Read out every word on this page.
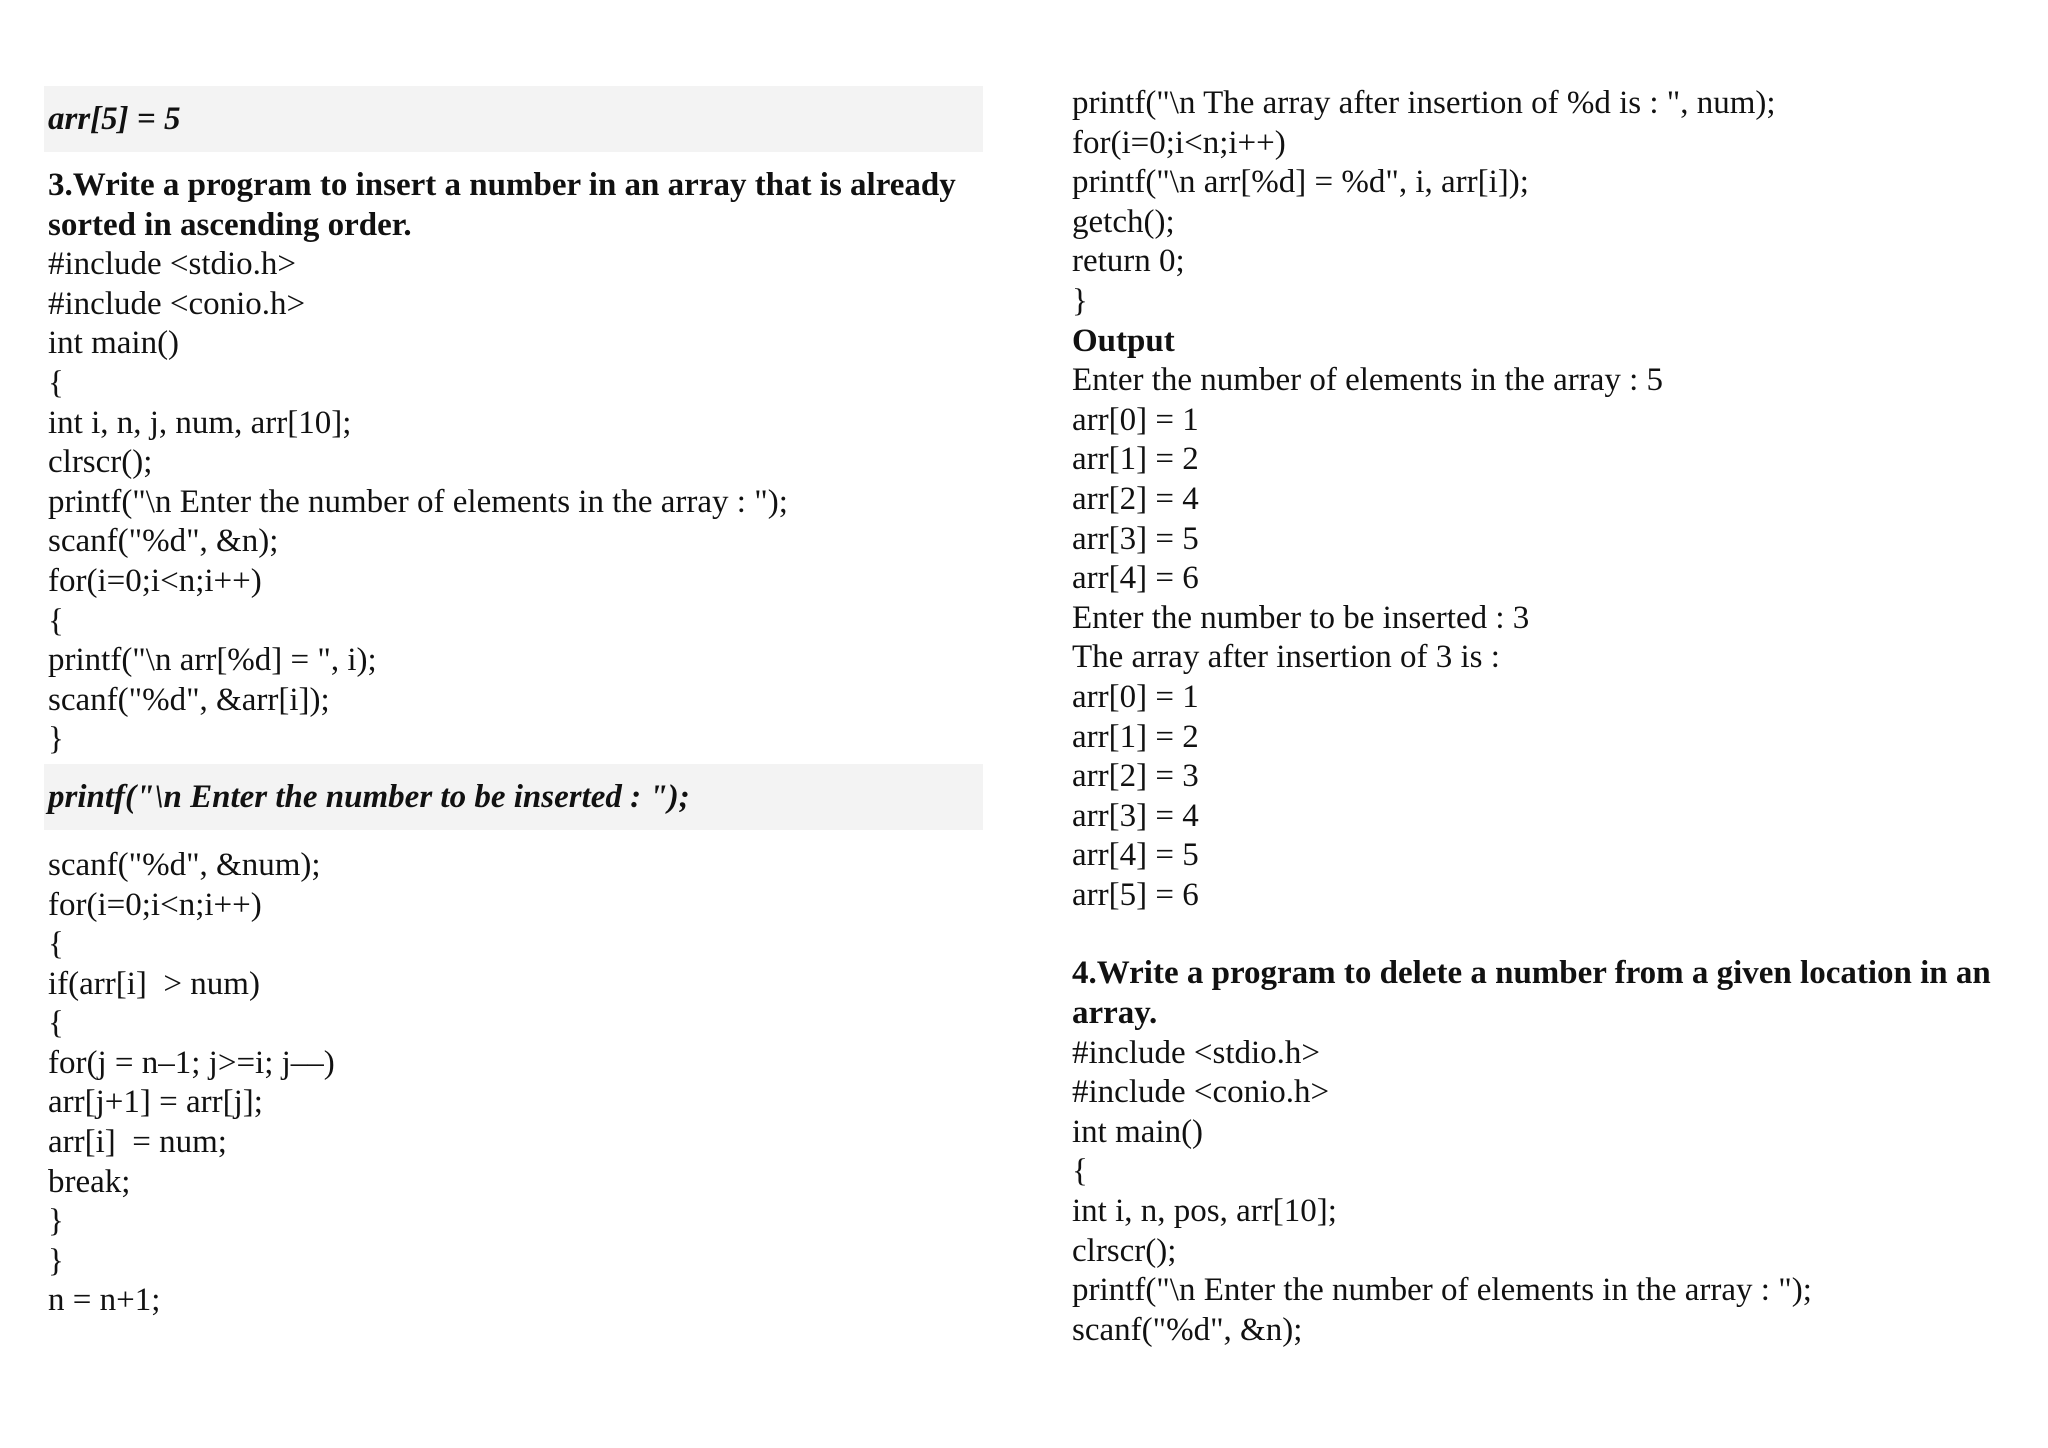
arr[5] = 5
3.Write a program to insert a number in an array that is already sorted in ascending order.
#include <stdio.h>
#include <conio.h>
int main()
{
int i, n, j, num, arr[10];
clrscr();
printf("\n Enter the number of elements in the array : ");
scanf("%d", &n);
for(i=0;i<n;i++)
{
printf("\n arr[%d] = ", i);
scanf("%d", &arr[i]);
}
printf("\n Enter the number to be inserted : ");
scanf("%d", &num);
for(i=0;i<n;i++)
{
if(arr[i]  > num)
{
for(j = n–1; j>=i; j––)
arr[j+1] = arr[j];
arr[i]  = num;
break;
}
}
n = n+1;
printf("\n The array after insertion of %d is : ", num);
for(i=0;i<n;i++)
printf("\n arr[%d] = %d", i, arr[i]);
getch();
return 0;
}
Output
Enter the number of elements in the array : 5
arr[0] = 1
arr[1] = 2
arr[2] = 4
arr[3] = 5
arr[4] = 6
Enter the number to be inserted : 3
The array after insertion of 3 is :
arr[0] = 1
arr[1] = 2
arr[2] = 3
arr[3] = 4
arr[4] = 5
arr[5] = 6
4.Write a program to delete a number from a given location in an array.
#include <stdio.h>
#include <conio.h>
int main()
{
int i, n, pos, arr[10];
clrscr();
printf("\n Enter the number of elements in the array : ");
scanf("%d", &n);
